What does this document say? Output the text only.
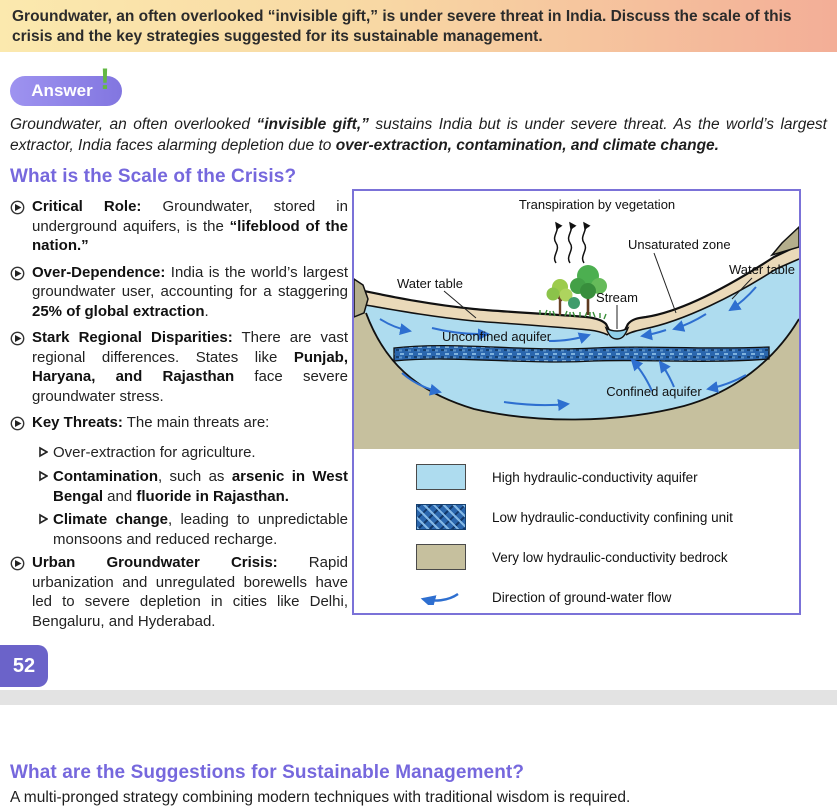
Groundwater, an often overlooked “invisible gift,” is under severe threat in India. Discuss the scale of this crisis and the key strategies suggested for its sustainable management.
Answer !

Groundwater, an often overlooked “invisible gift,” sustains India but is under severe threat. As the world’s largest extractor, India faces alarming depletion due to over-extraction, contamination, and climate change.

What is the Scale of the Crisis?

Critical Role: Groundwater, stored in underground aquifers, is the “lifeblood of the nation.”

Over-Dependence: India is the world’s largest groundwater user, accounting for a staggering 25% of global extraction.

Stark Regional Disparities: There are vast regional differences. States like Punjab, Haryana, and Rajasthan face severe groundwater stress.

Key Threats: The main threats are:

Over-extraction for agriculture.

Contamination, such as arsenic in West Bengal and fluoride in Rajasthan.

Climate change, leading to unpredictable monsoons and reduced recharge.

Urban Groundwater Crisis: Rapid urbanization and unregulated borewells have led to severe depletion in cities like Delhi, Bengaluru, and Hyderabad.

Transpiration by vegetation
Unsaturated zone
Water table
Water table
Stream
Unconfined aquifer
Confined aquifer
High hydraulic-conductivity aquifer
Low hydraulic-conductivity confining unit
Very low hydraulic-conductivity bedrock
Direction of ground-water flow
52
What are the Suggestions for Sustainable Management?

A multi-pronged strategy combining modern techniques with traditional wisdom is required.
